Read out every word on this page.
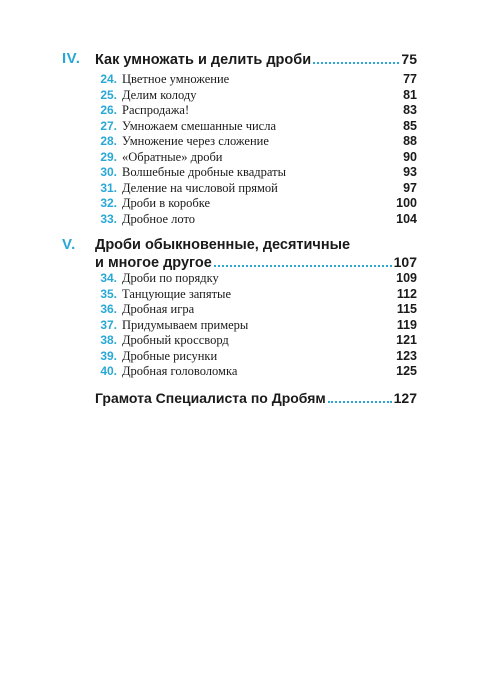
IV. Как умножать и делить дроби	75
24. Цветное умножение	77
25. Делим колоду	81
26. Распродажа!	83
27. Умножаем смешанные числа	85
28. Умножение через сложение	88
29. «Обратные» дроби	90
30. Волшебные дробные квадраты	93
31. Деление на числовой прямой	97
32. Дроби в коробке	100
33. Дробное лото	104
V. Дроби обыкновенные, десятичные
и многое другое	107
34. Дроби по порядку	109
35. Танцующие запятые	112
36. Дробная игра	115
37. Придумываем примеры	119
38. Дробный кроссворд	121
39. Дробные рисунки	123
40. Дробная головоломка	125
Грамота Специалиста по Дробям	127
